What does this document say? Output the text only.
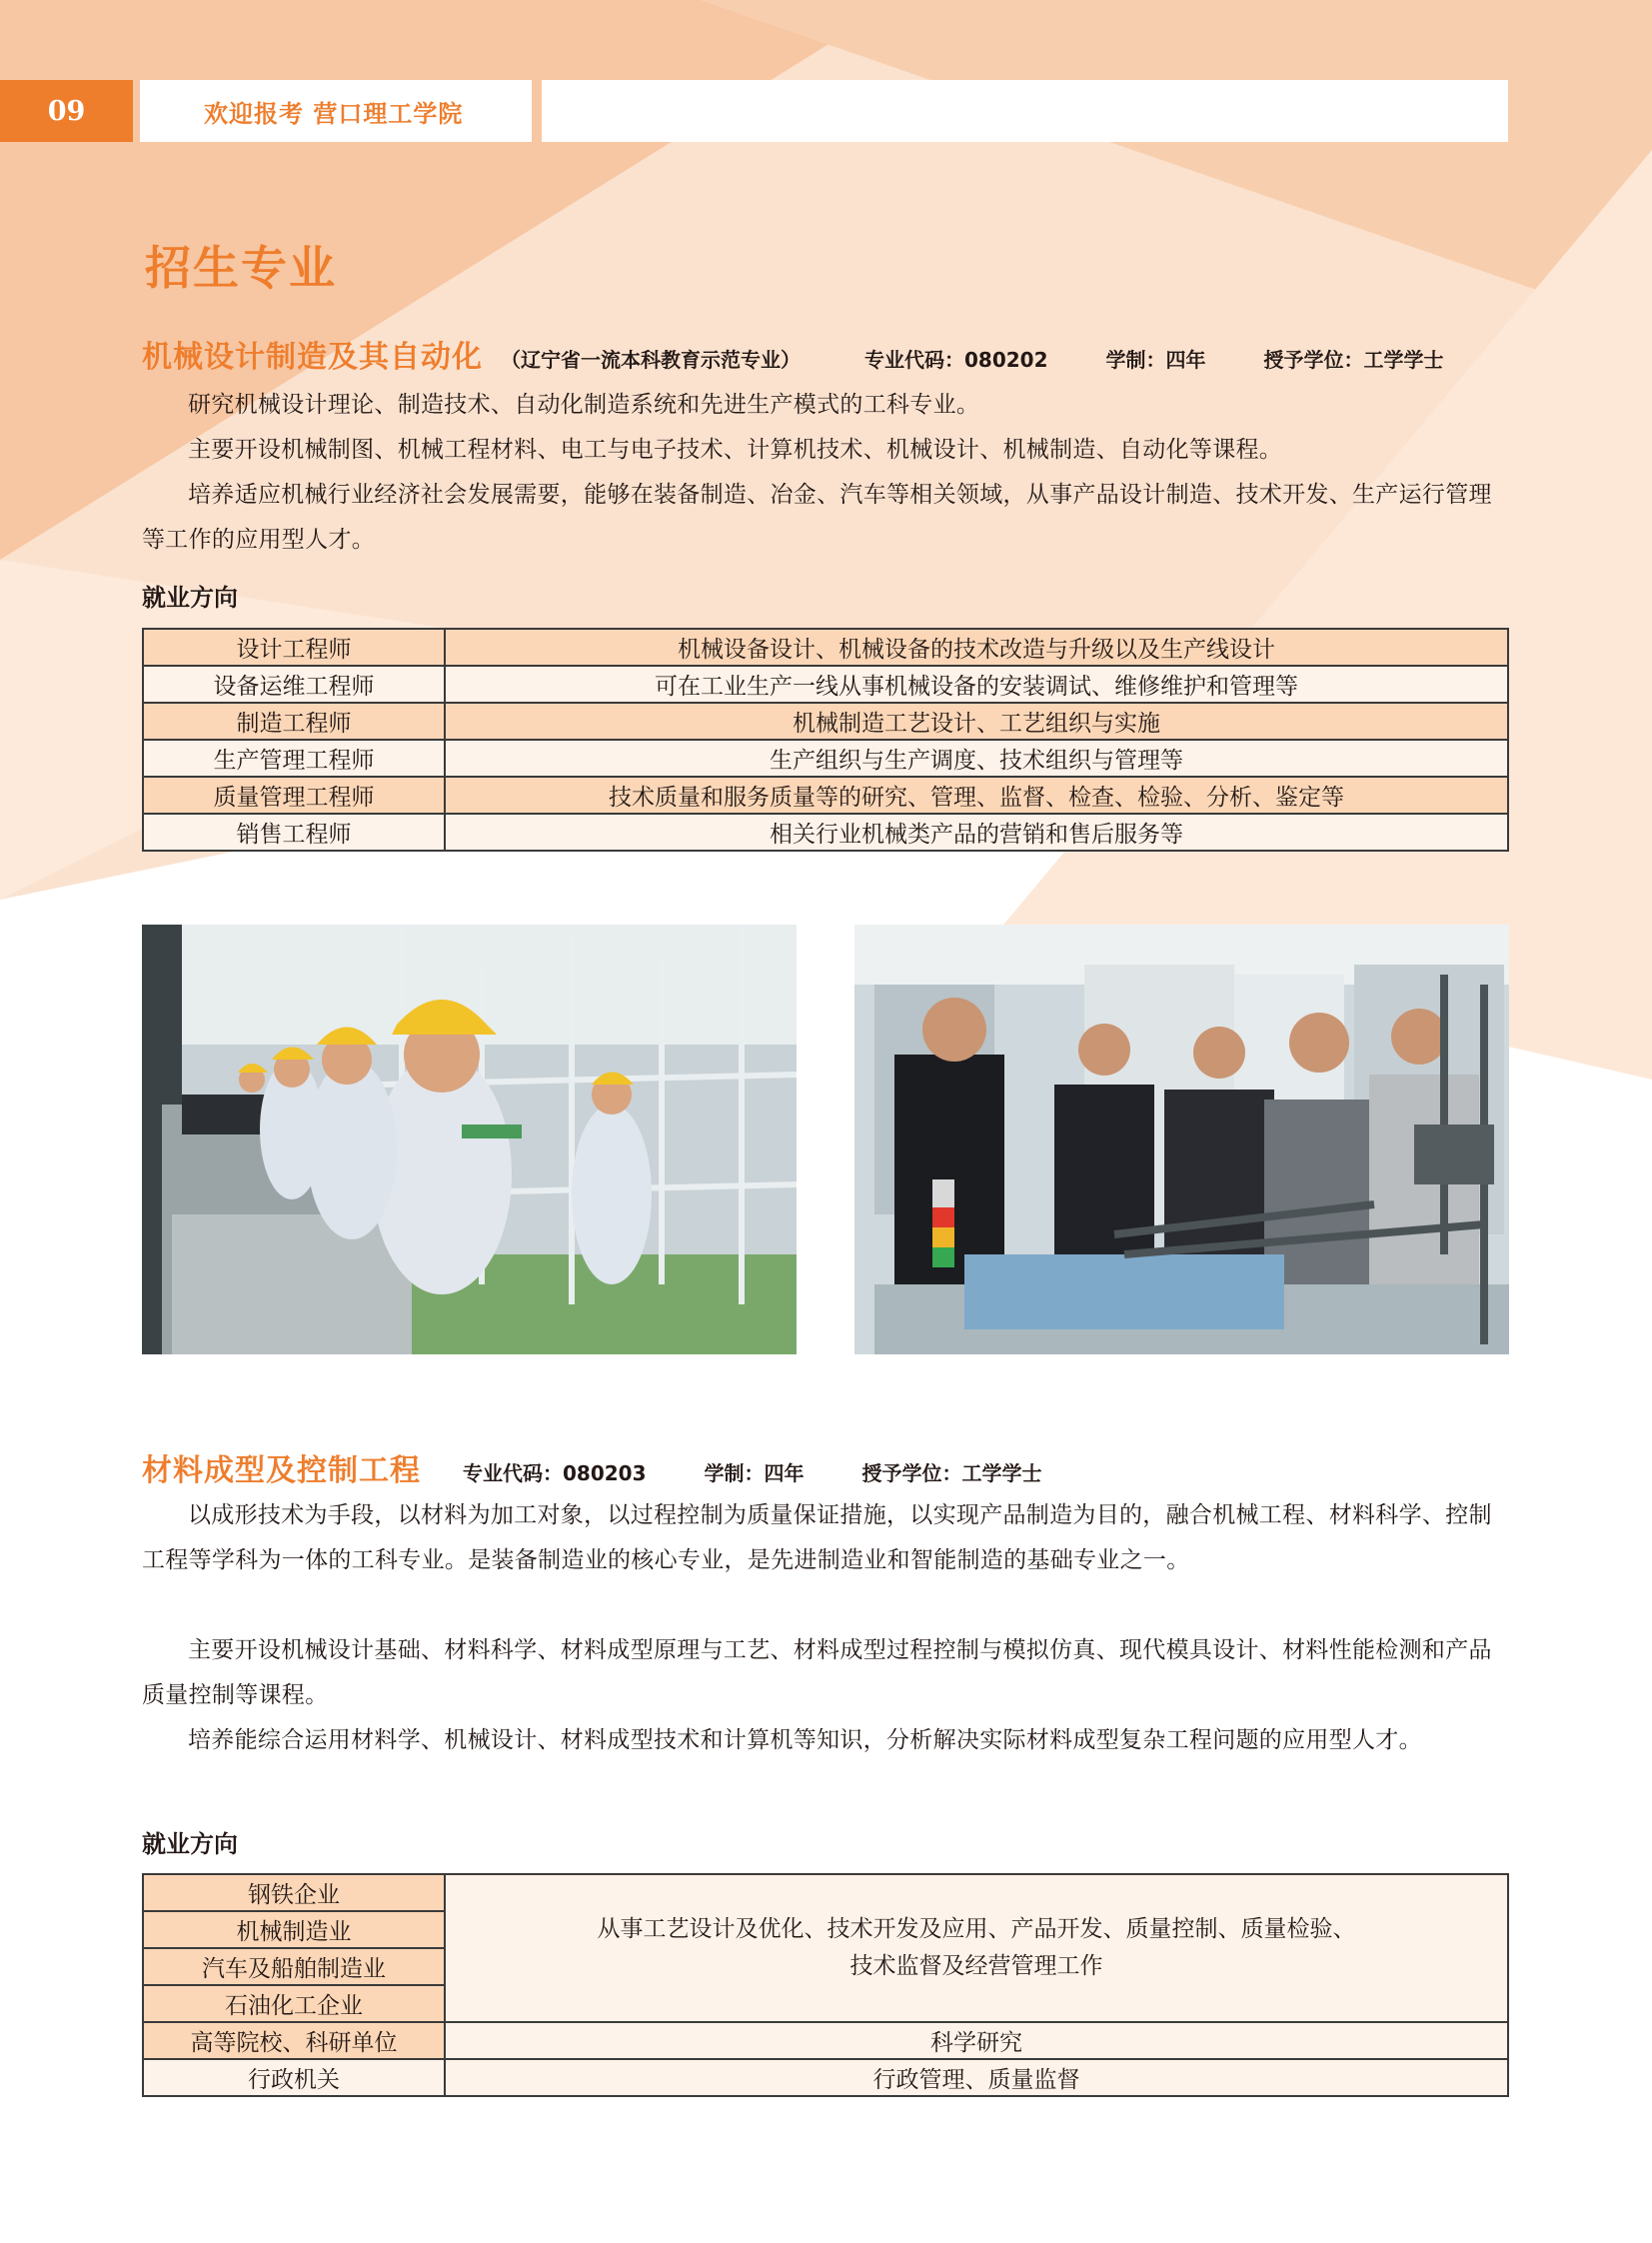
09	欢迎报考 营口理工学院
招生专业
机械设计制造及其自动化 （辽宁省一流本科教育示范专业）	专业代码：080202	学制：四年	授予学位：工学学士

研究机械设计理论、制造技术、自动化制造系统和先进生产模式的工科专业。

主要开设机械制图、机械工程材料、电工与电子技术、计算机技术、机械设计、机械制造、自动化等课程。

培养适应机械行业经济社会发展需要，能够在装备制造、冶金、汽车等相关领域，从事产品设计制造、技术开发、生产运行管理等工作的应用型人才。

就业方向
设计工程师	机械设备设计、机械设备的技术改造与升级以及生产线设计
设备运维工程师	可在工业生产一线从事机械设备的安装调试、维修维护和管理等
制造工程师	机械制造工艺设计、工艺组织与实施
生产管理工程师	生产组织与生产调度、技术组织与管理等
质量管理工程师	技术质量和服务质量等的研究、管理、监督、检查、检验、分析、鉴定等
销售工程师	相关行业机械类产品的营销和售后服务等
材料成型及控制工程 专业代码：080203	学制：四年	授予学位：工学学士

以成形技术为手段，以材料为加工对象，以过程控制为质量保证措施，以实现产品制造为目的，融合机械工程、材料科学、控制工程等学科为一体的工科专业。是装备制造业的核心专业，是先进制造业和智能制造的基础专业之一。

主要开设机械设计基础、材料科学、材料成型原理与工艺、材料成型过程控制与模拟仿真、现代模具设计、材料性能检测和产品质量控制等课程。

培养能综合运用材料学、机械设计、材料成型技术和计算机等知识，分析解决实际材料成型复杂工程问题的应用型人才。

就业方向
钢铁企业	从事工艺设计及优化、技术开发及应用、产品开发、质量控制、质量检验、
技术监督及经营管理工作

机械制造业	
汽车及船舶制造业	
石油化工企业	
高等院校、科研单位	科学研究
行政机关	行政管理、质量监督
